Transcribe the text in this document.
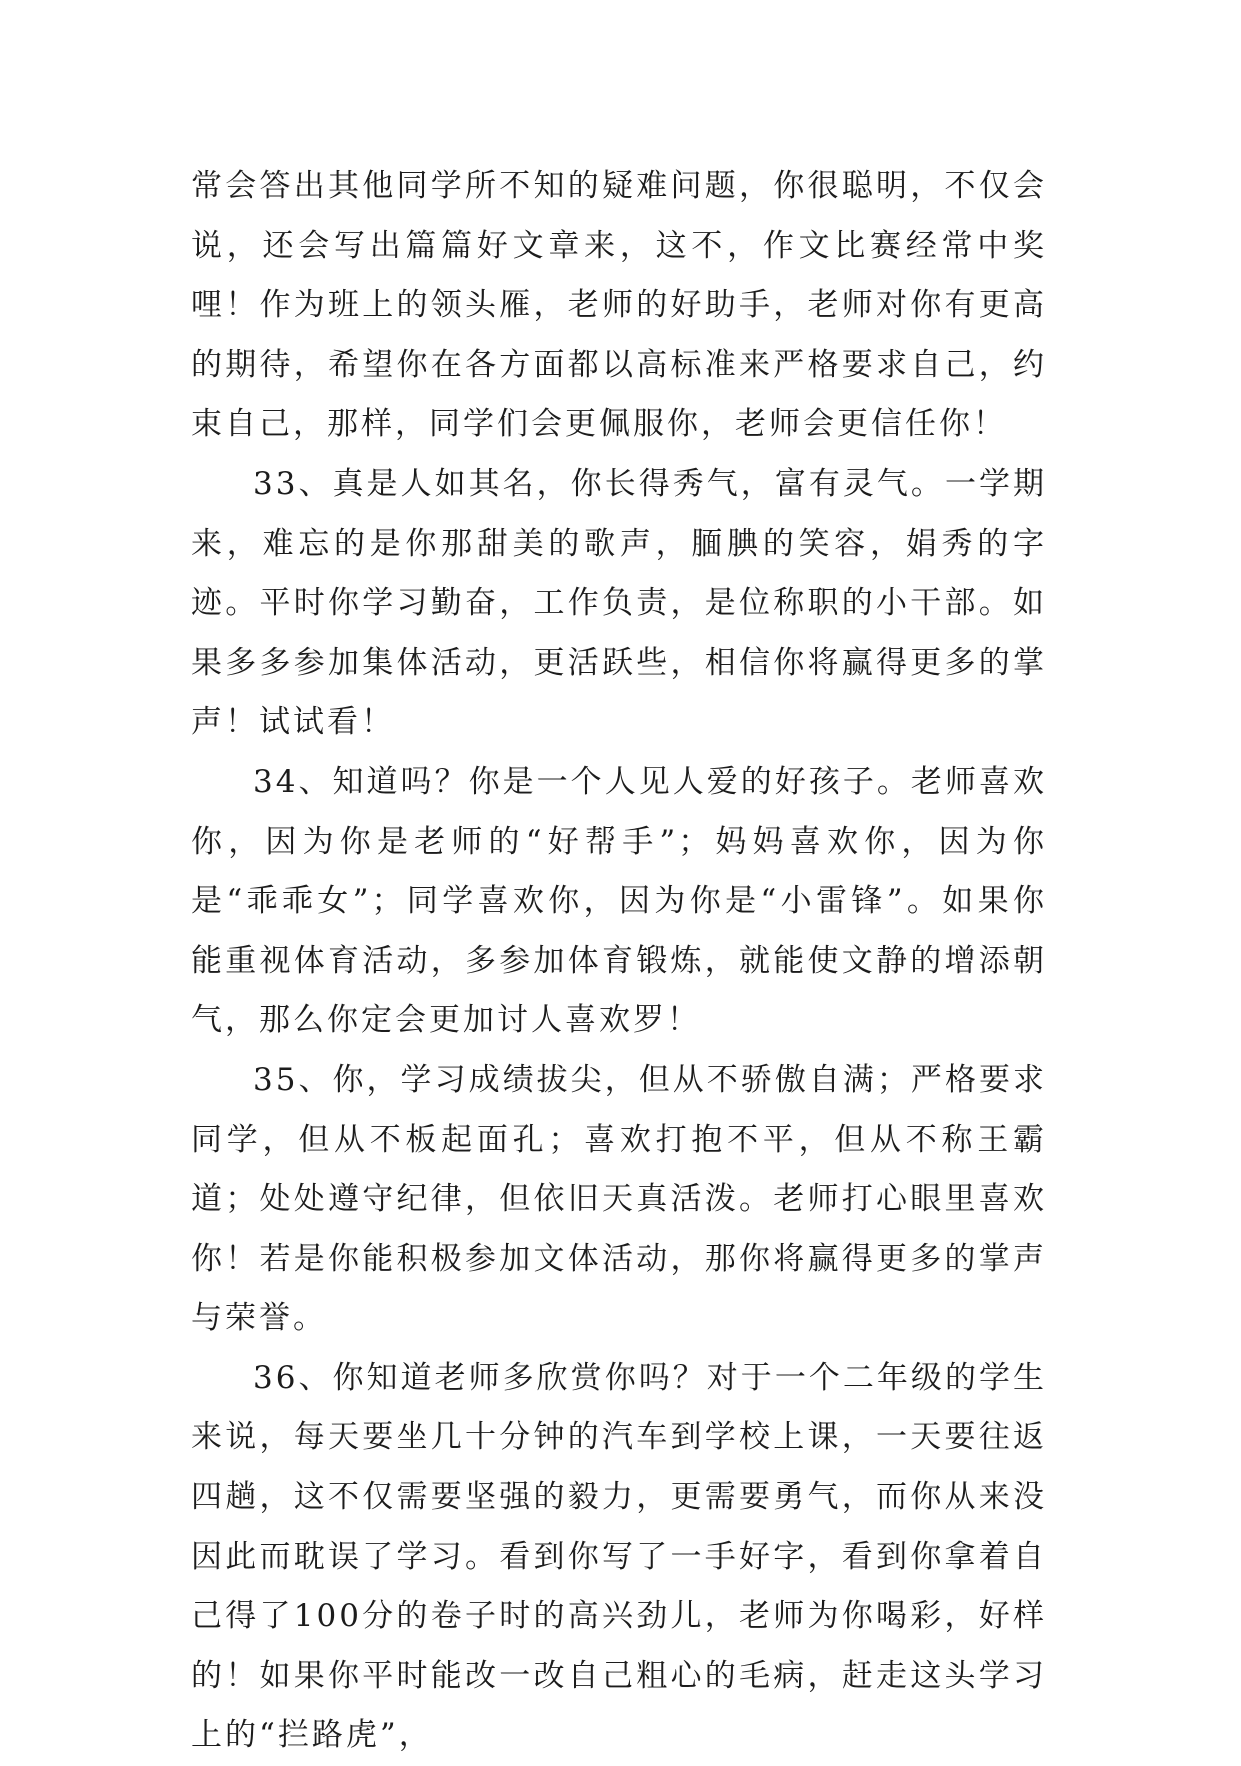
常会答出其他同学所不知的疑难问题，你很聪明，不仅会说，还会写出篇篇好文章来，这不，作文比赛经常中奖哩！作为班上的领头雁，老师的好助手，老师对你有更高的期待，希望你在各方面都以高标准来严格要求自己，约束自己，那样，同学们会更佩服你，老师会更信任你！

33、真是人如其名，你长得秀气，富有灵气。一学期来，难忘的是你那甜美的歌声，腼腆的笑容，娟秀的字迹。平时你学习勤奋，工作负责，是位称职的小干部。如果多多参加集体活动，更活跃些，相信你将赢得更多的掌声！试试看！

34、知道吗？你是一个人见人爱的好孩子。老师喜欢你，因为你是老师的“好帮手”；妈妈喜欢你，因为你是“乖乖女”；同学喜欢你，因为你是“小雷锋”。如果你能重视体育活动，多参加体育锻炼，就能使文静的增添朝气，那么你定会更加讨人喜欢罗！

35、你，学习成绩拔尖，但从不骄傲自满；严格要求同学，但从不板起面孔；喜欢打抱不平，但从不称王霸道；处处遵守纪律，但依旧天真活泼。老师打心眼里喜欢你！若是你能积极参加文体活动，那你将赢得更多的掌声与荣誉。

36、你知道老师多欣赏你吗？对于一个二年级的学生来说，每天要坐几十分钟的汽车到学校上课，一天要往返四趟，这不仅需要坚强的毅力，更需要勇气，而你从来没因此而耽误了学习。看到你写了一手好字，看到你拿着自己得了100分的卷子时的高兴劲儿，老师为你喝彩，好样的！如果你平时能改一改自己粗心的毛病，赶走这头学习上的“拦路虎”，
